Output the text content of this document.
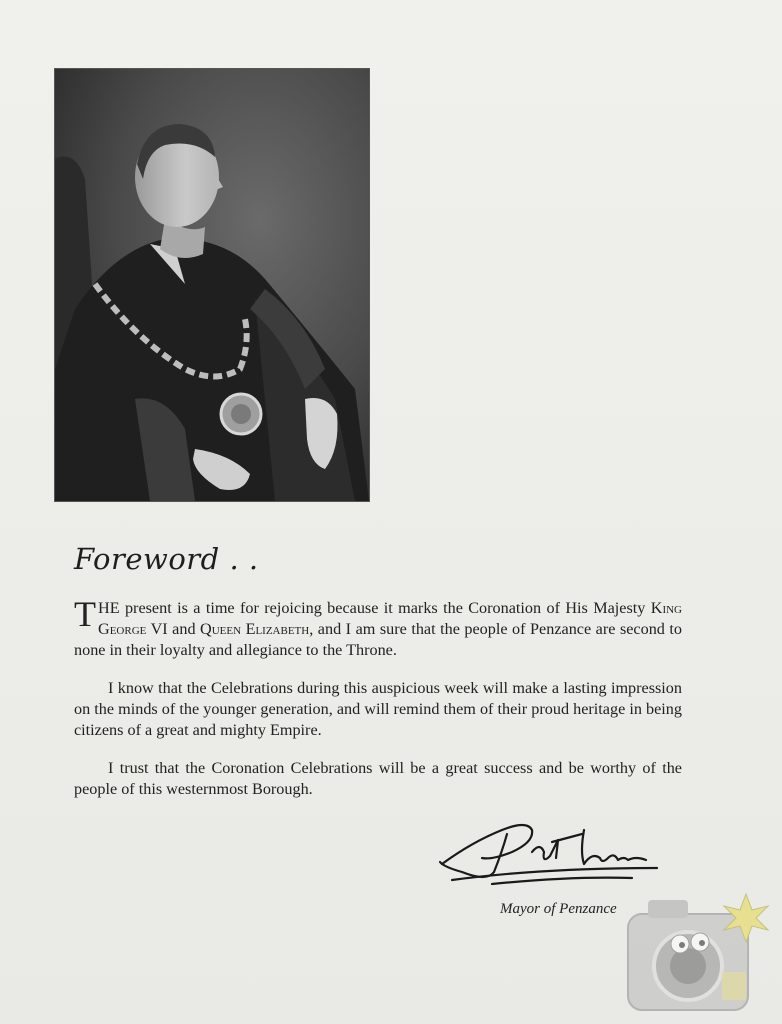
Foreword . .

THE present is a time for rejoicing because it marks the Coronation of His Majesty King George VI and Queen Elizabeth, and I am sure that the people of Penzance are second to none in their loyalty and allegiance to the Throne.

I know that the Celebrations during this auspicious week will make a lasting impression on the minds of the younger generation, and will remind them of their proud heritage in being citizens of a great and mighty Empire.

I trust that the Coronation Celebrations will be a great success and be worthy of the people of this westernmost Borough.

Mayor of Penzance
